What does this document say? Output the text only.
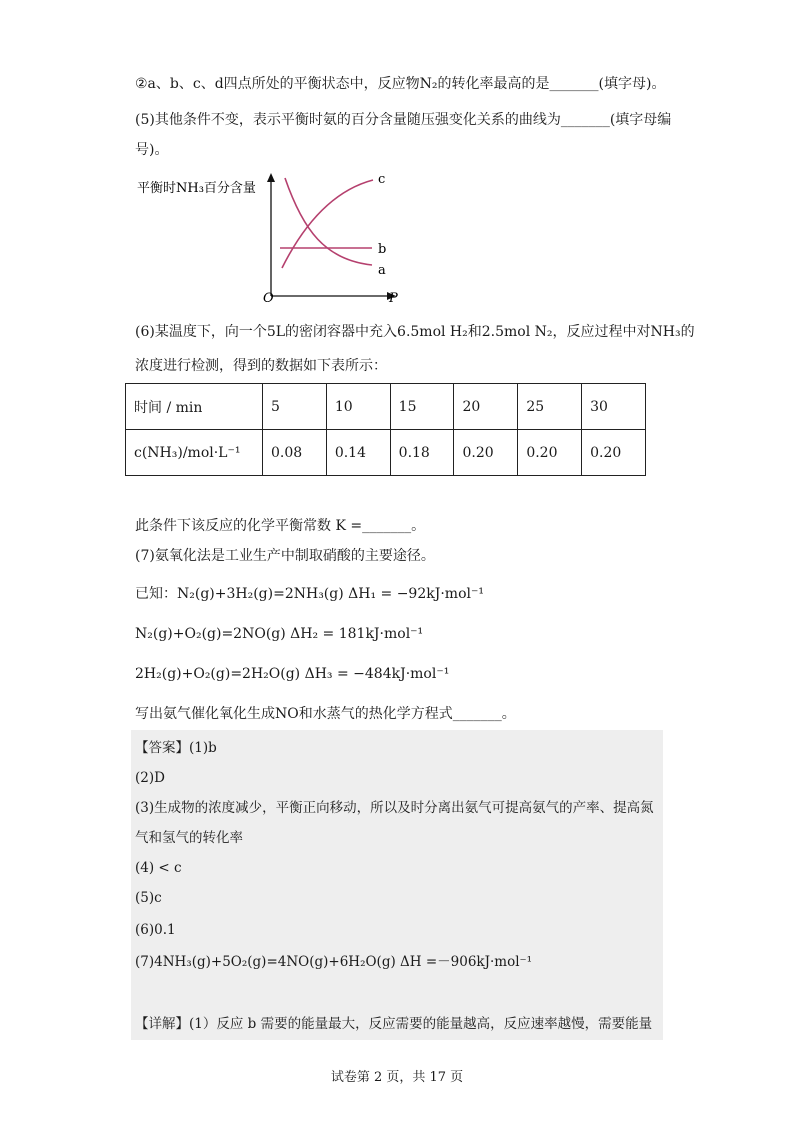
②a、b、c、d四点所处的平衡状态中，反应物N₂的转化率最高的是_______(填字母)。
(5)其他条件不变，表示平衡时氨的百分含量随压强变化关系的曲线为_______(填字母编
号)。
平衡时NH₃百分含量
c
b
a
O	P
(6)某温度下，向一个5L的密闭容器中充入6.5mol H₂和2.5mol N₂，反应过程中对NH₃的
浓度进行检测，得到的数据如下表所示：
时间 / min	5	10	15	20	25	30
c(NH₃)/mol·L⁻¹	0.08	0.14	0.18	0.20	0.20	0.20
此条件下该反应的化学平衡常数 K =_______。
(7)氨氧化法是工业生产中制取硝酸的主要途径。
已知：N₂(g)+3H₂(g)=2NH₃(g) ΔH₁ = −92kJ·mol⁻¹
N₂(g)+O₂(g)=2NO(g) ΔH₂ = 181kJ·mol⁻¹
2H₂(g)+O₂(g)=2H₂O(g) ΔH₃ = −484kJ·mol⁻¹
写出氨气催化氧化生成NO和水蒸气的热化学方程式_______。
【答案】(1)b
(2)D
(3)生成物的浓度减少，平衡正向移动，所以及时分离出氨气可提高氨气的产率、提高氮
气和氢气的转化率
(4) < c
(5)c
(6)0.1
(7)4NH₃(g)+5O₂(g)=4NO(g)+6H₂O(g) ΔH =－906kJ·mol⁻¹
【详解】(1）反应 b 需要的能量最大，反应需要的能量越高，反应速率越慢，需要能量
试卷第 2 页，共 17 页
